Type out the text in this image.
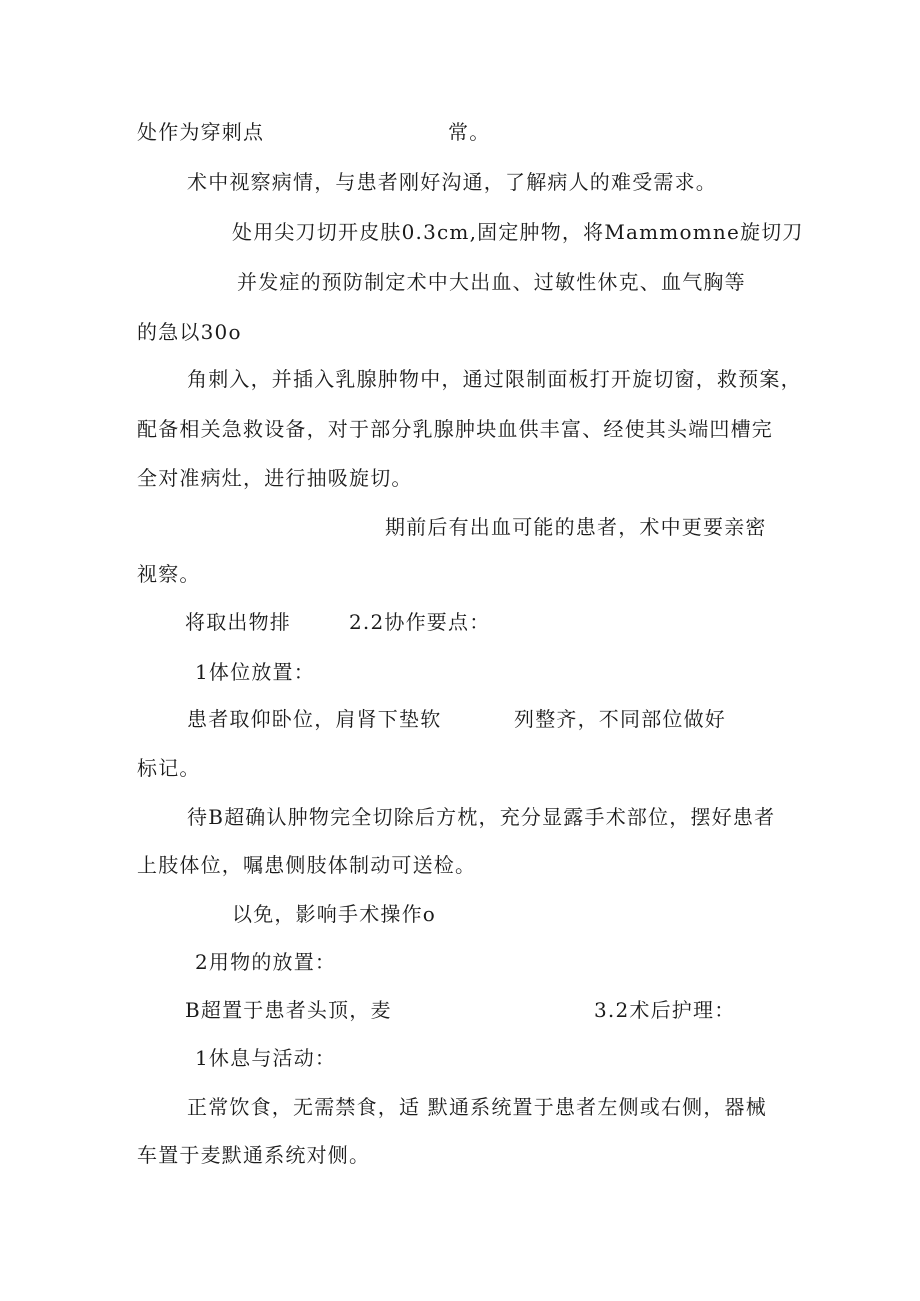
处作为穿刺点	常。
术中视察病情，与患者刚好沟通，了解病人的难受需求。
处用尖刀切开皮肤0.3cm,固定肿物，将Mammomne旋切刀
并发症的预防制定术中大出血、过敏性休克、血气胸等
的急以30o
角刺入，并插入乳腺肿物中，通过限制面板打开旋切窗，救预案，
配备相关急救设备，对于部分乳腺肿块血供丰富、经使其头端凹槽完
全对准病灶，进行抽吸旋切。
期前后有出血可能的患者，术中更要亲密
视察。
将取出物排	2.2协作要点：
1体位放置：
患者取仰卧位，肩肾下垫软	列整齐，不同部位做好
标记。
待B超确认肿物完全切除后方枕，充分显露手术部位，摆好患者
上肢体位，嘱患侧肢体制动可送检。
以免，影响手术操作o
2用物的放置：
B超置于患者头顶，麦	3.2术后护理：
1休息与活动：
正常饮食，无需禁食，适 默通系统置于患者左侧或右侧，器械
车置于麦默通系统对侧。
